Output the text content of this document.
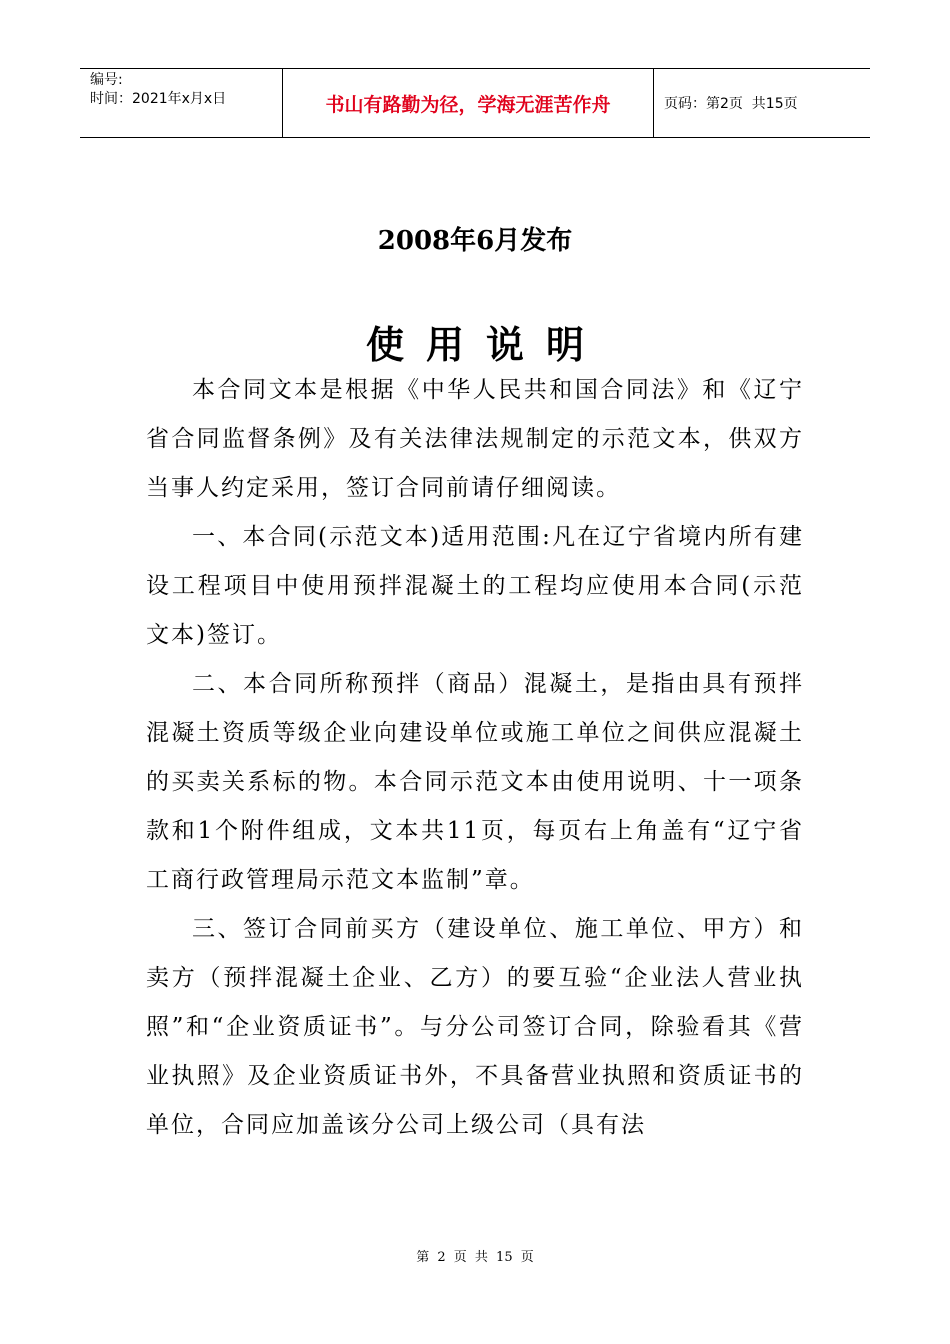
编号:
时间：2021年x月x日	书山有路勤为径，学海无涯苦作舟	页码：第2页  共15页
2008年6月发布
使用说明

本合同文本是根据《中华人民共和国合同法》和《辽宁省合同监督条例》及有关法律法规制定的示范文本，供双方当事人约定采用，签订合同前请仔细阅读。

一、本合同(示范文本)适用范围:凡在辽宁省境内所有建设工程项目中使用预拌混凝土的工程均应使用本合同(示范文本)签订。

二、本合同所称预拌（商品）混凝土，是指由具有预拌混凝土资质等级企业向建设单位或施工单位之间供应混凝土的买卖关系标的物。本合同示范文本由使用说明、十一项条款和1个附件组成，文本共11页，每页右上角盖有“辽宁省工商行政管理局示范文本监制”章。

三、签订合同前买方（建设单位、施工单位、甲方）和卖方（预拌混凝土企业、乙方）的要互验“企业法人营业执照”和“企业资质证书”。与分公司签订合同，除验看其《营业执照》及企业资质证书外，不具备营业执照和资质证书的单位，合同应加盖该分公司上级公司（具有法

第 2 页 共 15 页
